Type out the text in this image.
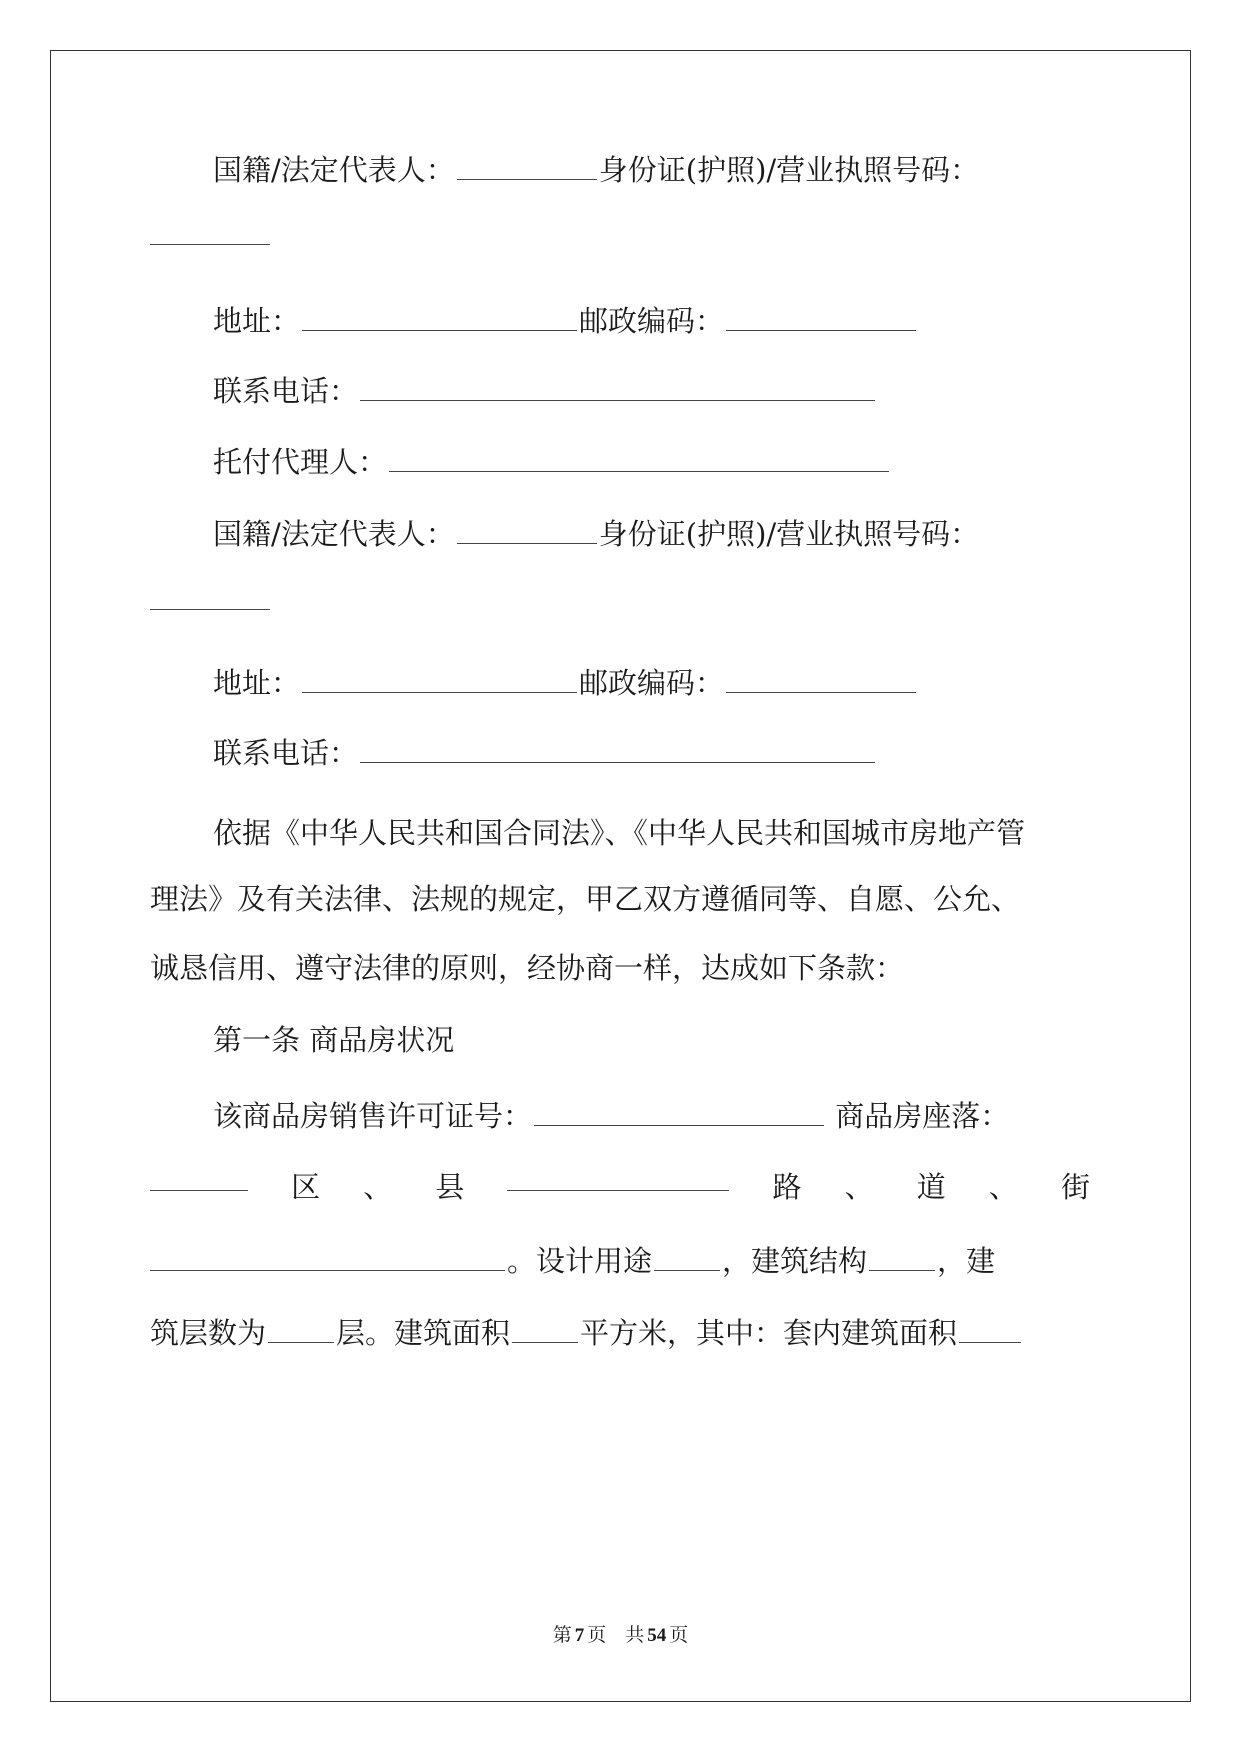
国籍/法定代表人：	身份证(护照)/营业执照号码：
地址：	邮政编码：
联系电话：
托付代理人：
国籍/法定代表人：	身份证(护照)/营业执照号码：
地址：	邮政编码：
联系电话：
依据《中华人民共和国合同法》、《中华人民共和国城市房地产管
理法》及有关法律、法规的规定，甲乙双方遵循同等、自愿、公允、
诚恳信用、遵守法律的原则，经协商一样，达成如下条款：
第一条 商品房状况
该商品房销售许可证号：	商品房座落：
区 、 县	路 、 道 、 街
。设计用途 ，建筑结构 ，建
筑层数为 层。建筑面积 平方米，其中：套内建筑面积
第 7 页　共 54 页
